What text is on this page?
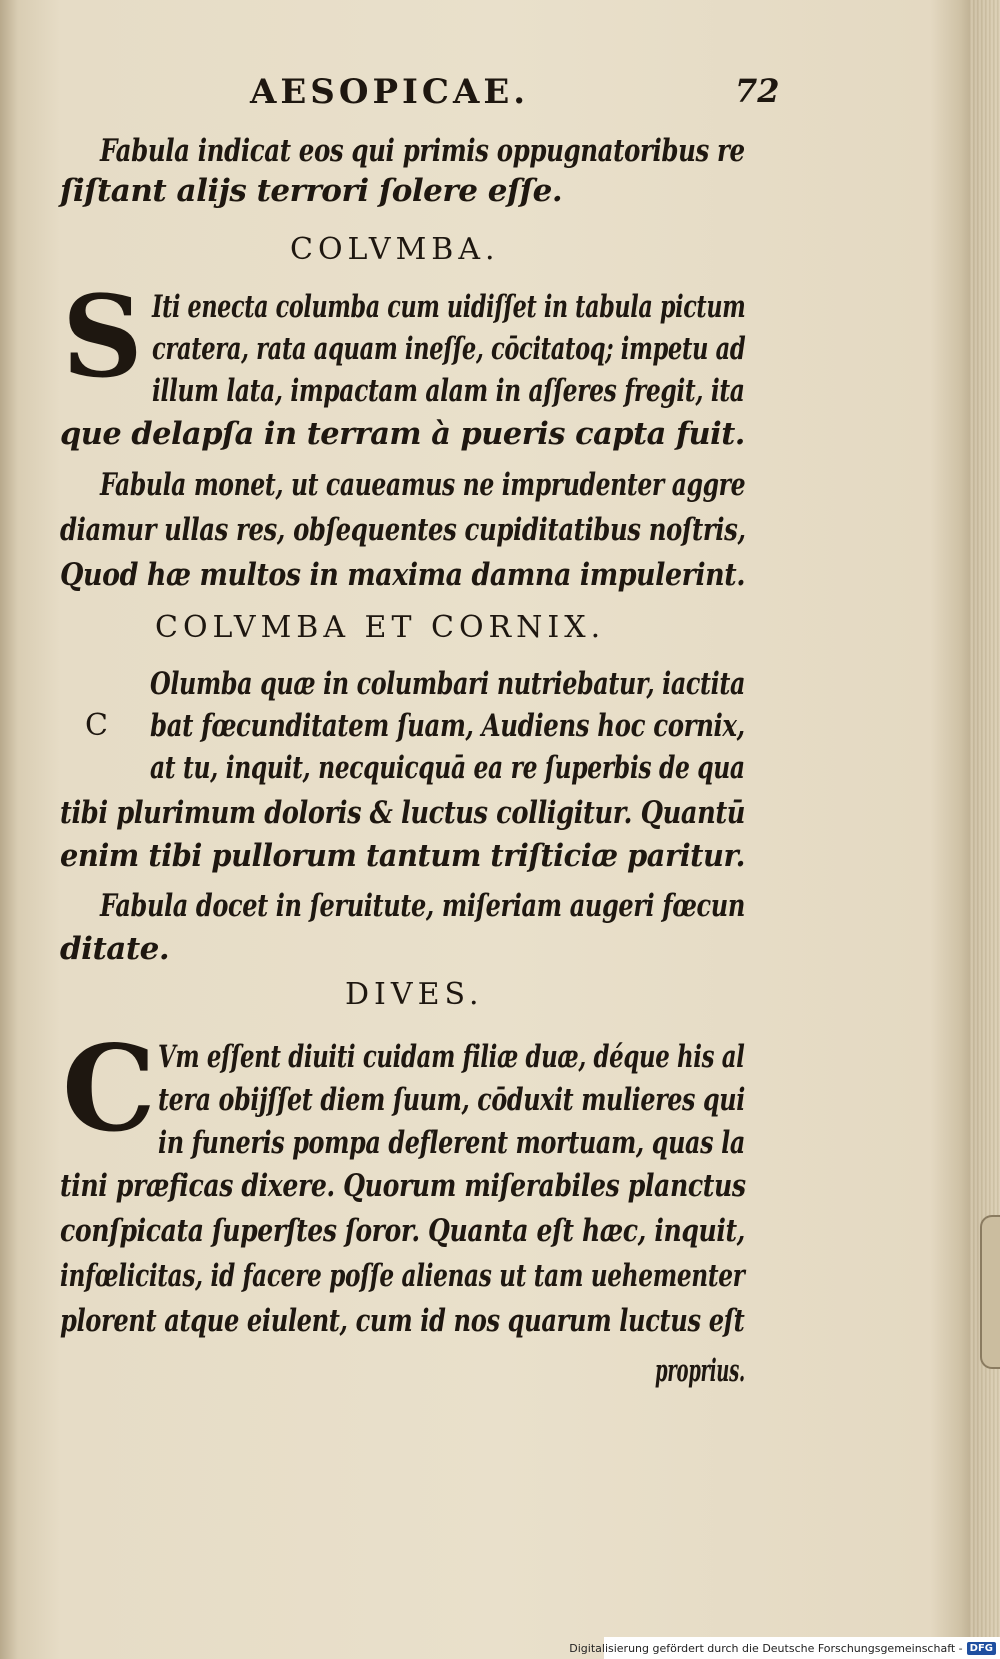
AESOPICAE.	72
Fabula indicat eos qui primis oppugnatoribus re
ſiſtant alijs terrori ſolere eſſe.
COLVMBA.
S Iti enecta columba cum uidiſſet in tabula pictum
cratera, rata aquam ineſſe, cōcitatoq; impetu ad
illum lata, impactam alam in aſſeres fregit, ita
que delapſa in terram à pueris capta fuit.
Fabula monet, ut caueamus ne imprudenter aggre
diamur ullas res, obſequentes cupiditatibus noſtris,
Quod hæ multos in maxima damna impulerint.
COLVMBA ET CORNIX.
Olumba quæ in columbari nutriebatur, iactita
C bat fœcunditatem ſuam, Audiens hoc cornix,
at tu, inquit, necquicquā ea re ſuperbis de qua
tibi plurimum doloris & luctus colligitur. Quantū
enim tibi pullorum tantum triſticiæ paritur.
Fabula docet in ſeruitute, miſeriam augeri fœcun
ditate.
DIVES.
C Vm eſſent diuiti cuidam filiæ duæ, déque his al
tera obijſſet diem ſuum, cōduxit mulieres qui
in funeris pompa deflerent mortuam, quas la
tini præficas dixere. Quorum miſerabiles planctus
conſpicata ſuperſtes ſoror. Quanta eſt hæc, inquit,
infœlicitas, id facere poſſe alienas ut tam uehementer
plorent atque eiulent, cum id nos quarum luctus eſt
proprius.
Digitalisierung gefördert durch die Deutsche Forschungsgemeinschaft - DFG
